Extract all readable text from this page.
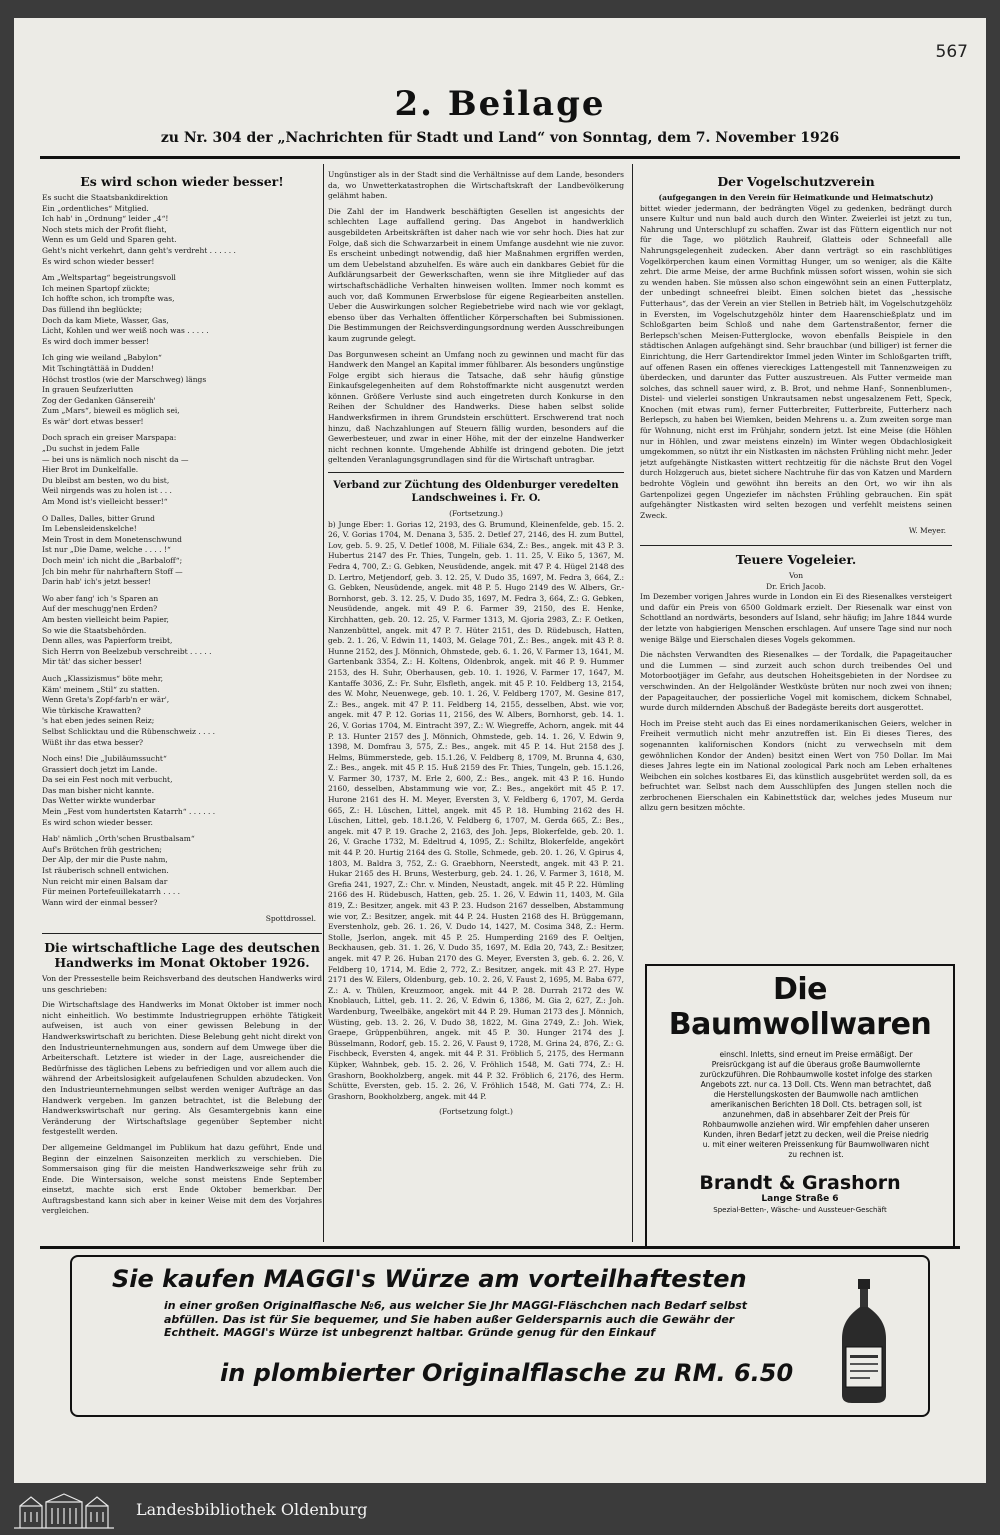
567
2. Beilage
zu Nr. 304 der „Nachrichten für Stadt und Land“ von Sonntag, dem 7. November 1926
Es wird schon wieder besser!
Es sucht die Staatsbankdirektion
Ein „ordentliches“ Mitglied.
Ich hab' in „Ordnung“ leider „4“!
Noch stets mich der Profit flieht,
Wenn es um Geld und Sparen geht.
Geht's nicht verkehrt, dann geht's verdreht . . . . . .
Es wird schon wieder besser!
Am „Weltspartag“ begeistrungsvoll
Ich meinen Spartopf zückte;
Ich hoffte schon, ich trompfte was,
Das füllend ihn beglückte;
Doch da kam Miete, Wasser, Gas,
Licht, Kohlen und wer weiß noch was . . . . .
Es wird doch immer besser!
Ich ging wie weiland „Babylon“
Mit Tschingtättää in Dudden!
Höchst trostlos (wie der Marschweg) längs
In grauen Seufzerlutten
Zog der Gedanken Gänsereih'
Zum „Mars“, bieweil es möglich sei,
Es wär' dort etwas besser!
Doch sprach ein greiser Marspapa:
„Du suchst in jedem Falle
— bei uns is nämlich noch nischt da —
Hier Brot im Dunkelfalle.
Du bleibst am besten, wo du bist,
Weil nirgends was zu holen ist . . .
Am Mond ist's vielleicht besser!“
O Dalles, Dalles, bitter Grund
Im Lebensleidenskelche!
Mein Trost in dem Monetenschwund
Ist nur „Die Dame, welche . . . . !“
Doch mein' ich nicht die „Barbaloff“;
Jch bin mehr für nahrhaftern Stoff —
Darin hab' ich's jetzt besser!
Wo aber fang' ich 's Sparen an
Auf der meschugg'nen Erden?
Am besten vielleicht beim Papier,
So wie die Staatsbehörden.
Denn alles, was Papierform treibt,
Sich Herrn von Beelzebub verschreibt . . . . .
Mir tät' das sicher besser!
Auch „Klassizismus“ böte mehr,
Käm' meinem „Stil“ zu statten.
Wenn Greta's Zopf-farb'n er wär',
Wie türkische Krawatten?
's hat eben jedes seinen Reiz;
Selbst Schlicktau und die Rübenschweiz . . . .
Wüßt ihr das etwa besser?
Noch eins! Die „Jubiläumssucht“
Grassiert doch jetzt im Lande.
Da sei ein Fest noch mit verbucht,
Das man bisher nicht kannte.
Das Wetter wirkte wunderbar
Mein „Fest vom hundertsten Katarrh“ . . . . . .
Es wird schon wieder besser.
Hab' nämlich „Orth'schen Brustbalsam“
Auf's Brötchen früh gestrichen;
Der Alp, der mir die Puste nahm,
Ist räuberisch schnell entwichen.
Nun reicht mir einen Balsam dar
Für meinen Portefeuillekatarrh . . . .
Wann wird der einmal besser?
Spottdrossel.
Die wirtschaftliche Lage des deutschen Handwerks im Monat Oktober 1926.
Von der Pressestelle beim Reichsverband des deutschen Handwerks wird uns geschrieben:
Die Wirtschaftslage des Handwerks im Monat Oktober ist immer noch nicht einheitlich. Wo bestimmte Industriegruppen erhöhte Tätigkeit aufweisen, ist auch von einer gewissen Belebung in der Handwerkswirtschaft zu berichten. Diese Belebung geht nicht direkt von den Industrieunternehmungen aus, sondern auf dem Umwege über die Arbeiterschaft. Letztere ist wieder in der Lage, ausreichender die Bedürfnisse des täglichen Lebens zu befriedigen und vor allem auch die während der Arbeitslosigkeit aufgelaufenen Schulden abzudecken. Von den Industrieunternehmungen selbst werden weniger Aufträge an das Handwerk vergeben. Im ganzen betrachtet, ist die Belebung der Handwerkswirtschaft nur gering. Als Gesamtergebnis kann eine Veränderung der Wirtschaftslage gegenüber September nicht festgestellt werden.
Der allgemeine Geldmangel im Publikum hat dazu geführt, Ende und Beginn der einzelnen Saisonzeiten merklich zu verschieben. Die Sommersaison ging für die meisten Handwerkszweige sehr früh zu Ende. Die Wintersaison, welche sonst meistens Ende September einsetzt, machte sich erst Ende Oktober bemerkbar. Der Auftragsbestand kann sich aber in keiner Weise mit dem des Vorjahres vergleichen.
Ungünstiger als in der Stadt sind die Verhältnisse auf dem Lande, besonders da, wo Unwetterkatastrophen die Wirtschaftskraft der Landbevölkerung gelähmt haben.
Die Zahl der im Handwerk beschäftigten Gesellen ist angesichts der schlechten Lage auffallend gering. Das Angebot in handwerklich ausgebildeten Arbeitskräften ist daher nach wie vor sehr hoch. Dies hat zur Folge, daß sich die Schwarzarbeit in einem Umfange ausdehnt wie nie zuvor. Es erscheint unbedingt notwendig, daß hier Maßnahmen ergriffen werden, um dem Uebelstand abzuhelfen. Es wäre auch ein dankbares Gebiet für die Aufklärungsarbeit der Gewerkschaften, wenn sie ihre Mitglieder auf das wirtschaftschädliche Verhalten hinweisen wollten. Immer noch kommt es auch vor, daß Kommunen Erwerbslose für eigene Regiearbeiten anstellen. Ueber die Auswirkungen solcher Regiebetriebe wird nach wie vor geklagt, ebenso über das Verhalten öffentlicher Körperschaften bei Submissionen. Die Bestimmungen der Reichsverdingungsordnung werden Ausschreibungen kaum zugrunde gelegt.
Das Borgunwesen scheint an Umfang noch zu gewinnen und macht für das Handwerk den Mangel an Kapital immer fühlbarer. Als besonders ungünstige Folge ergibt sich hieraus die Tatsache, daß sehr häufig günstige Einkaufsgelegenheiten auf dem Rohstoffmarkte nicht ausgenutzt werden können. Größere Verluste sind auch eingetreten durch Konkurse in den Reihen der Schuldner des Handwerks. Diese haben selbst solide Handwerksfirmen in ihrem Grundstein erschüttert. Erschwerend trat noch hinzu, daß Nachzahlungen auf Steuern fällig wurden, besonders auf die Gewerbesteuer, und zwar in einer Höhe, mit der der einzelne Handwerker nicht rechnen konnte. Umgehende Abhilfe ist dringend geboten. Die jetzt geltenden Veranlagungsgrundlagen sind für die Wirtschaft untragbar.
Verband zur Züchtung des Oldenburger veredelten Landschweines i. Fr. O.
(Fortsetzung.)
b) Junge Eber: 1. Gorias 12, 2193, des G. Brumund, Kleinenfelde, geb. 15. 2. 26, V. Gorias 1704, M. Denana 3, 535. 2. Detlef 27, 2146, des H. zum Buttel, Lov, geb. 5. 9. 25, V. Detlef 1008, M. Filiale 634, Z.: Bes., angek. mit 43 P. 3. Hubertus 2147 des Fr. Thies, Tungeln, geb. 1. 11. 25, V. Eiko 5, 1367, M. Fedra 4, 700, Z.: G. Gebken, Neusüdende, angek. mit 47 P. 4. Hügel 2148 des D. Lertro, Metjendorf, geb. 3. 12. 25, V. Dudo 35, 1697, M. Fedra 3, 664, Z.: G. Gebken, Neusüdende, angek. mit 48 P. 5. Hugo 2149 des W. Albers, Gr.-Bornhorst, geb. 3. 12. 25, V. Dudo 35, 1697, M. Fedra 3, 664, Z.: G. Gebken, Neusüdende, angek. mit 49 P. 6. Farmer 39, 2150, des E. Henke, Kirchhatten, geb. 20. 12. 25, V. Farmer 1313, M. Gjoria 2983, Z.: F. Oetken, Nanzenbüttel, angek. mit 47 P. 7. Hüter 2151, des D. Rüdebusch, Hatten, geb. 2. 1. 26, V. Edwin 11, 1403, M. Gelage 701, Z.: Bes., angek. mit 43 P. 8. Hunne 2152, des J. Mönnich, Ohmstede, geb. 6. 1. 26, V. Farmer 13, 1641, M. Gartenbank 3354, Z.: H. Koltens, Oldenbrok, angek. mit 46 P. 9. Hummer 2153, des H. Suhr, Oberhausen, geb. 10. 1. 1926, V. Farmer 17, 1647, M. Kantaffe 3036, Z.: Fr. Suhr, Elsfleth, angek. mit 45 P. 10. Feldberg 13, 2154, des W. Mohr, Neuenwege, geb. 10. 1. 26, V. Feldberg 1707, M. Gesine 817, Z.: Bes., angek. mit 47 P. 11. Feldberg 14, 2155, desselben, Abst. wie vor, angek. mit 47 P. 12. Gorias 11, 2156, des W. Albers, Bornhorst, geb. 14. 1. 26, V. Gorias 1704, M. Eintracht 397, Z.: W. Wiegreffe, Achorn, angek. mit 44 P. 13. Hunter 2157 des J. Mönnich, Ohmstede, geb. 14. 1. 26, V. Edwin 9, 1398, M. Domfrau 3, 575, Z.: Bes., angek. mit 45 P. 14. Hut 2158 des J. Helms, Bümmerstede, geb. 15.1.26, V. Feldberg 8, 1709, M. Brunna 4, 630, Z.: Bes., angek. mit 45 P. 15. Huß 2159 des Fr. Thies, Tungeln, geb. 15.1.26, V. Farmer 30, 1737, M. Erle 2, 600, Z.: Bes., angek. mit 43 P. 16. Hundo 2160, desselben, Abstammung wie vor, Z.: Bes., angekört mit 45 P. 17. Hurone 2161 des H. M. Meyer, Eversten 3, V. Feldberg 6, 1707, M. Gerda 665, Z.: H. Lüschen, Littel, angek. mit 45 P. 18. Humbing 2162 des H. Lüschen, Littel, geb. 18.1.26, V. Feldberg 6, 1707, M. Gerda 665, Z.: Bes., angek. mit 47 P. 19. Grache 2, 2163, des Joh. Jeps, Blokerfelde, geb. 20. 1. 26, V. Grache 1732, M. Edeltrud 4, 1095, Z.: Schiltz, Blokerfelde, angekört mit 44 P. 20. Hurtig 2164 des G. Stolle, Schmede, geb. 20. 1. 26, V. Gpirus 4, 1803, M. Baldra 3, 752, Z.: G. Graebhorn, Neerstedt, angek. mit 43 P. 21. Hukar 2165 des H. Bruns, Westerburg, geb. 24. 1. 26, V. Farmer 3, 1618, M. Grefia 241, 1927, Z.: Chr. v. Minden, Neustadt, angek. mit 45 P. 22. Hümling 2166 des H. Rüdebusch, Hatten, geb. 25. 1. 26, V. Edwin 11, 1403, M. Gila 819, Z.: Besitzer, angek. mit 43 P. 23. Hudson 2167 desselben, Abstammung wie vor, Z.: Besitzer, angek. mit 44 P. 24. Husten 2168 des H. Brüggemann, Everstenholz, geb. 26. 1. 26, V. Dudo 14, 1427, M. Cosima 348, Z.: Herm. Stolle, Jserlon, angek. mit 45 P. 25. Humperding 2169 des F. Oeltjen, Beckhausen, geb. 31. 1. 26, V. Dudo 35, 1697, M. Edla 20, 743, Z.: Besitzer, angek. mit 47 P. 26. Huban 2170 des G. Meyer, Eversten 3, geb. 6. 2. 26, V. Feldberg 10, 1714, M. Edie 2, 772, Z.: Besitzer, angek. mit 43 P. 27. Hype 2171 des W. Eilers, Oldenburg, geb. 10. 2. 26, V. Faust 2, 1695, M. Baba 677, Z.: A. v. Thülen, Kreuzmoor, angek. mit 44 P. 28. Durrah 2172 des W. Knoblauch, Littel, geb. 11. 2. 26, V. Edwin 6, 1386, M. Gia 2, 627, Z.: Joh. Wardenburg, Tweelbäke, angekört mit 44 P. 29. Human 2173 des J. Mönnich, Wüsting, geb. 13. 2. 26, V. Dudo 38, 1822, M. Gina 2749, Z.: Joh. Wiek, Graepe, Grüppenbühren, angek. mit 45 P. 30. Hunger 2174 des J. Büsselmann, Rodorf, geb. 15. 2. 26, V. Faust 9, 1728, M. Grina 24, 876, Z.: G. Fischbeck, Eversten 4, angek. mit 44 P. 31. Fröblich 5, 2175, des Hermann Küpker, Wahnbek, geb. 15. 2. 26, V. Fröhlich 1548, M. Gati 774, Z.: H. Grashorn, Bookholzberg, angek. mit 44 P. 32. Fröblich 6, 2176, des Herm. Schütte, Eversten, geb. 15. 2. 26, V. Fröhlich 1548, M. Gati 774, Z.: H. Grashorn, Bookholzberg, angek. mit 44 P.
(Fortsetzung folgt.)
Der Vogelschutzverein
(aufgegangen in den Verein für Heimatkunde und Heimatschutz)
bittet wieder jedermann, der bedrängten Vögel zu gedenken, bedrängt durch unsere Kultur und nun bald auch durch den Winter. Zweierlei ist jetzt zu tun, Nahrung und Unterschlupf zu schaffen. Zwar ist das Füttern eigentlich nur not für die Tage, wo plötzlich Rauhreif, Glatteis oder Schneefall alle Nahrungsgelegenheit zudecken. Aber dann verträgt so ein raschblütiges Vogelkörperchen kaum einen Vormittag Hunger, um so weniger, als die Kälte zehrt. Die arme Meise, der arme Buchfink müssen sofort wissen, wohin sie sich zu wenden haben. Sie müssen also schon eingewöhnt sein an einen Futterplatz, der unbedingt schneefrei bleibt. Einen solchen bietet das „hessische Futterhaus“, das der Verein an vier Stellen in Betrieb hält, im Vogelschutzgehölz in Eversten, im Vogelschutzgehölz hinter dem Haarenschießplatz und im Schloßgarten beim Schloß und nahe dem Gartenstraßentor, ferner die Berlepsch'schen Meisen-Futterglocke, wovon ebenfalls Beispiele in den städtischen Anlagen aufgehängt sind. Sehr brauchbar (und billiger) ist ferner die Einrichtung, die Herr Gartendirektor Immel jeden Winter im Schloßgarten trifft, auf offenen Rasen ein offenes viereckiges Lattengestell mit Tannenzweigen zu überdecken, und darunter das Futter auszustreuen. Als Futter vermeide man solches, das schnell sauer wird, z. B. Brot, und nehme Hanf-, Sonnenblumen-, Distel- und vielerlei sonstigen Unkrautsamen nebst ungesalzenem Fett, Speck, Knochen (mit etwas rum), ferner Futterbreiter, Futterbreite, Futterherz nach Berlepsch, zu haben bei Wiemken, beiden Mehrens u. a. Zum zweiten sorge man für Wohnung, nicht erst im Frühjahr, sondern jetzt. Ist eine Meise (die Höhlen nur in Höhlen, und zwar meistens einzeln) im Winter wegen Obdachlosigkeit umgekommen, so nützt ihr ein Nistkasten im nächsten Frühling nicht mehr. Jeder jetzt aufgehängte Nistkasten wittert rechtzeitig für die nächste Brut den Vogel durch Holzgeruch aus, bietet sichere Nachtruhe für das von Katzen und Mardern bedrohte Vöglein und gewöhnt ihn bereits an den Ort, wo wir ihn als Gartenpolizei gegen Ungeziefer im nächsten Frühling gebrauchen. Ein spät aufgehängter Nistkasten wird selten bezogen und verfehlt meistens seinen Zweck.
W. Meyer.
Teuere Vogeleier.
Von
Dr. Erich Jacob.
Im Dezember vorigen Jahres wurde in London ein Ei des Riesenalkes versteigert und dafür ein Preis von 6500 Goldmark erzielt. Der Riesenalk war einst von Schottland an nordwärts, besonders auf Island, sehr häufig; im Jahre 1844 wurde der letzte von habgierigen Menschen erschlagen. Auf unsere Tage sind nur noch wenige Bälge und Eierschalen dieses Vogels gekommen.
Die nächsten Verwandten des Riesenalkes — der Tordalk, die Papageitaucher und die Lummen — sind zurzeit auch schon durch treibendes Oel und Motorbootjäger im Gefahr, aus deutschen Hoheitsgebieten in der Nordsee zu verschwinden. An der Helgoländer Westküste brüten nur noch zwei von ihnen; der Papageitaucher, der possierliche Vogel mit komischem, dickem Schnabel, wurde durch mildernden Abschuß der Badegäste bereits dort ausgerottet.
Hoch im Preise steht auch das Ei eines nordamerikanischen Geiers, welcher in Freiheit vermutlich nicht mehr anzutreffen ist. Ein Ei dieses Tieres, des sogenannten kalifornischen Kondors (nicht zu verwechseln mit dem gewöhnlichen Kondor der Anden) besitzt einen Wert von 750 Dollar. Im Mai dieses Jahres legte ein im National zoological Park noch am Leben erhaltenes Weibchen ein solches kostbares Ei, das künstlich ausgebrütet werden soll, da es befruchtet war. Selbst nach dem Ausschlüpfen des Jungen stellen noch die zerbrochenen Eierschalen ein Kabinettstück dar, welches jedes Museum nur allzu gern besitzen möchte.
Die Baumwollwaren
einschl. Inletts, sind erneut im Preise ermäßigt. Der Preisrückgang ist auf die überaus große Baumwollernte zurückzuführen. Die Rohbaumwolle kostet infolge des starken Angebots zzt. nur ca. 13 Doll. Cts. Wenn man betrachtet, daß die Herstellungskosten der Baumwolle nach amtlichen amerikanischen Berichten 18 Doll. Cts. betragen soll, ist anzunehmen, daß in absehbarer Zeit der Preis für Rohbaumwolle anziehen wird. Wir empfehlen daher unseren Kunden, ihren Bedarf jetzt zu decken, weil die Preise niedrig u. mit einer weiteren Preissenkung für Baumwollwaren nicht zu rechnen ist.
Brandt & Grashorn
Lange Straße 6
Spezial-Betten-, Wäsche- und Aussteuer-Geschäft
Sie kaufen MAGGI's Würze am vorteilhaftesten
in einer großen Originalflasche №6, aus welcher Sie Jhr MAGGI-Fläschchen nach Bedarf selbst abfüllen. Das ist für Sie bequemer, und Sie haben außer Geldersparnis auch die Gewähr der Echtheit. MAGGI's Würze ist unbegrenzt haltbar. Gründe genug für den Einkauf
in plombierter Originalflasche zu RM. 6.50
Landesbibliothek Oldenburg
